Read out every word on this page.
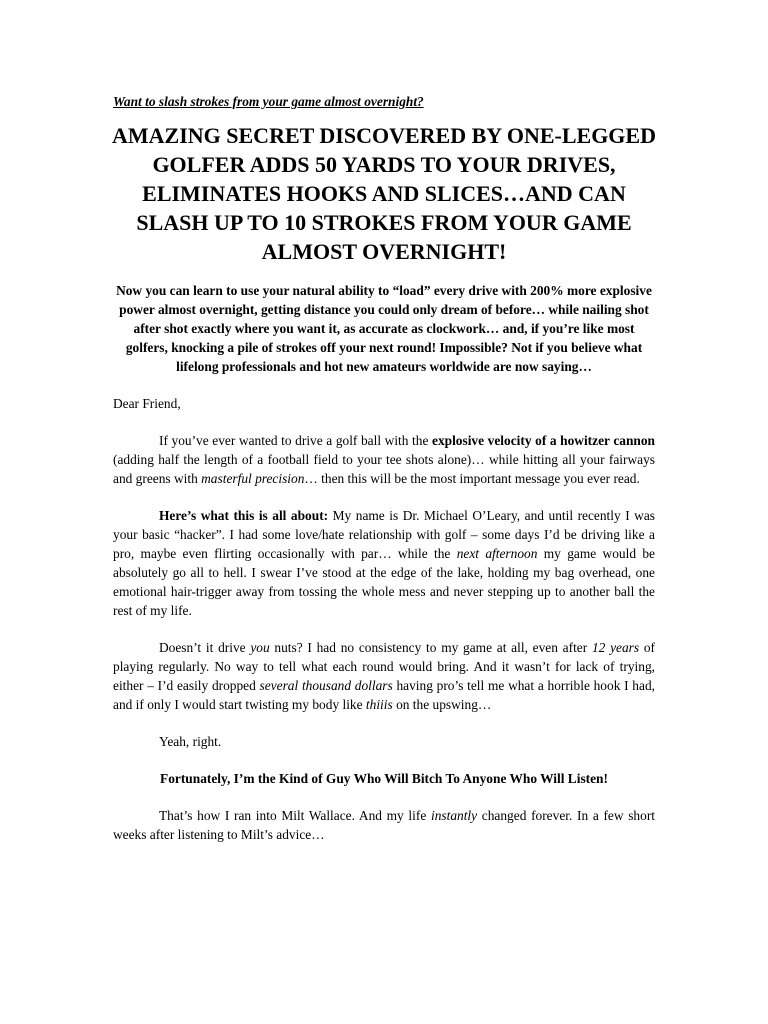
Want to slash strokes from your game almost overnight?

AMAZING SECRET DISCOVERED BY ONE-LEGGED GOLFER ADDS 50 YARDS TO YOUR DRIVES, ELIMINATES HOOKS AND SLICES…AND CAN SLASH UP TO 10 STROKES FROM YOUR GAME ALMOST OVERNIGHT!

Now you can learn to use your natural ability to “load” every drive with 200% more explosive power almost overnight, getting distance you could only dream of before… while nailing shot after shot exactly where you want it, as accurate as clockwork… and, if you’re like most golfers, knocking a pile of strokes off your next round! Impossible? Not if you believe what lifelong professionals and hot new amateurs worldwide are now saying…

Dear Friend,

If you’ve ever wanted to drive a golf ball with the explosive velocity of a howitzer cannon (adding half the length of a football field to your tee shots alone)… while hitting all your fairways and greens with masterful precision… then this will be the most important message you ever read.

Here’s what this is all about: My name is Dr. Michael O’Leary, and until recently I was your basic “hacker”. I had some love/hate relationship with golf – some days I’d be driving like a pro, maybe even flirting occasionally with par… while the next afternoon my game would be absolutely go all to hell. I swear I’ve stood at the edge of the lake, holding my bag overhead, one emotional hair-trigger away from tossing the whole mess and never stepping up to another ball the rest of my life.

Doesn’t it drive you nuts? I had no consistency to my game at all, even after 12 years of playing regularly. No way to tell what each round would bring. And it wasn’t for lack of trying, either – I’d easily dropped several thousand dollars having pro’s tell me what a horrible hook I had, and if only I would start twisting my body like thiiis on the upswing…

Yeah, right.

Fortunately, I’m the Kind of Guy Who Will Bitch To Anyone Who Will Listen!

That’s how I ran into Milt Wallace. And my life instantly changed forever. In a few short weeks after listening to Milt’s advice…
